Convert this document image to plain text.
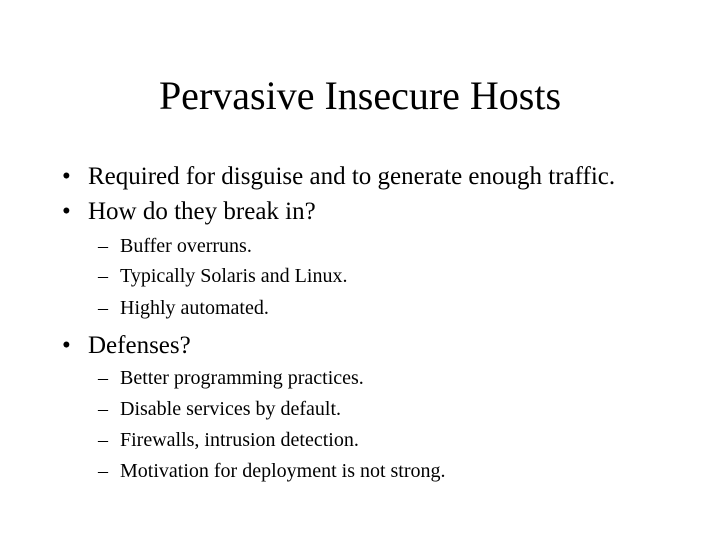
Pervasive Insecure Hosts
• Required for disguise and to generate enough traffic.
• How do they break in?
– Buffer overruns.
– Typically Solaris and Linux.
– Highly automated.
• Defenses?
– Better programming practices.
– Disable services by default.
– Firewalls, intrusion detection.
– Motivation for deployment is not strong.
